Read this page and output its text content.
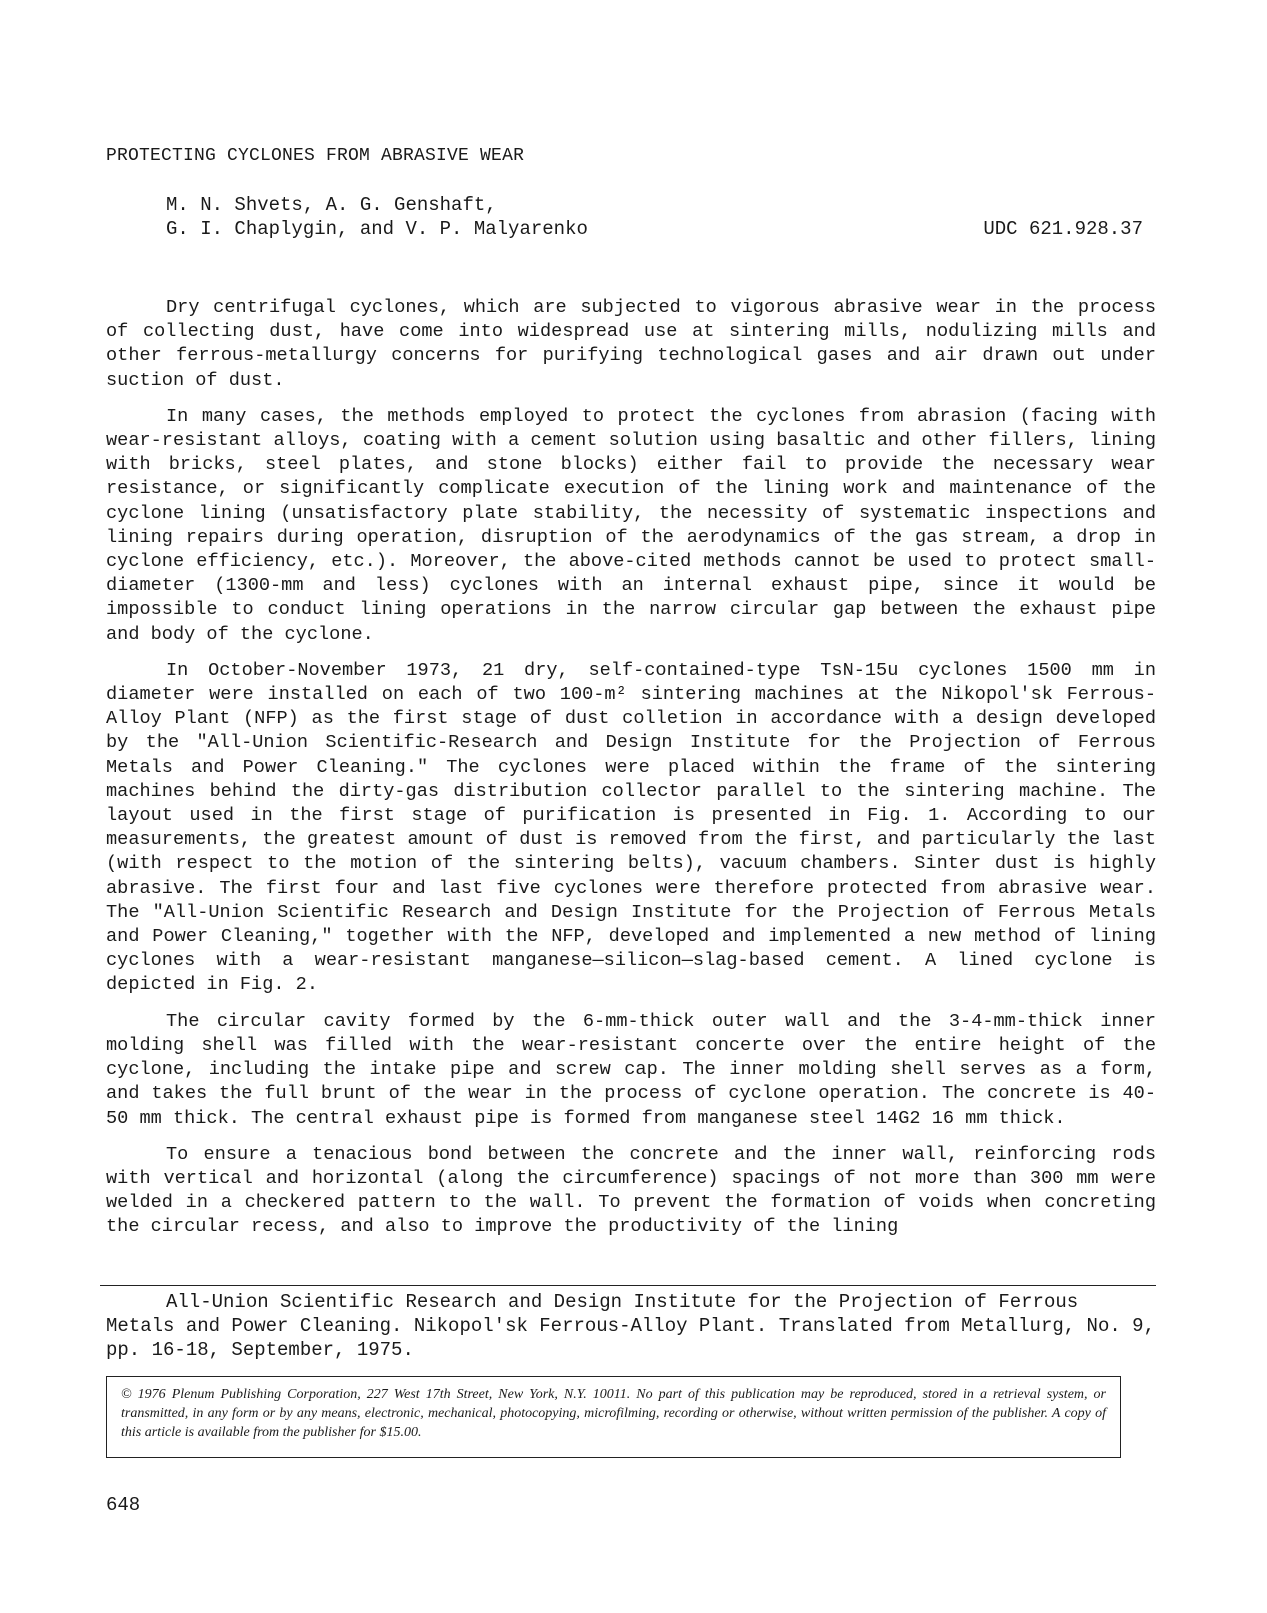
PROTECTING CYCLONES FROM ABRASIVE WEAR
M. N. Shvets, A. G. Genshaft,
G. I. Chaplygin, and V. P. Malyarenko	UDC 621.928.37

Dry centrifugal cyclones, which are subjected to vigorous abrasive wear in the process of collecting dust, have come into widespread use at sintering mills, nodulizing mills and other ferrous-metallurgy concerns for purifying technological gases and air drawn out under suction of dust.

In many cases, the methods employed to protect the cyclones from abrasion (facing with wear-resistant alloys, coating with a cement solution using basaltic and other fillers, lining with bricks, steel plates, and stone blocks) either fail to provide the necessary wear resistance, or significantly complicate execution of the lining work and maintenance of the cyclone lining (unsatisfactory plate stability, the necessity of systematic inspections and lining repairs during operation, disruption of the aerodynamics of the gas stream, a drop in cyclone efficiency, etc.). Moreover, the above-cited methods cannot be used to protect small-diameter (1300-mm and less) cyclones with an internal exhaust pipe, since it would be impossible to conduct lining operations in the narrow circular gap between the exhaust pipe and body of the cyclone.

In October-November 1973, 21 dry, self-contained-type TsN-15u cyclones 1500 mm in diameter were installed on each of two 100-m² sintering machines at the Nikopol'sk Ferrous-Alloy Plant (NFP) as the first stage of dust colletion in accordance with a design developed by the "All-Union Scientific-Research and Design Institute for the Projection of Ferrous Metals and Power Cleaning." The cyclones were placed within the frame of the sintering machines behind the dirty-gas distribution collector parallel to the sintering machine. The layout used in the first stage of purification is presented in Fig. 1. According to our measurements, the greatest amount of dust is removed from the first, and particularly the last (with respect to the motion of the sintering belts), vacuum chambers. Sinter dust is highly abrasive. The first four and last five cyclones were therefore protected from abrasive wear. The "All-Union Scientific Research and Design Institute for the Projection of Ferrous Metals and Power Cleaning," together with the NFP, developed and implemented a new method of lining cyclones with a wear-resistant manganese—silicon—slag-based cement. A lined cyclone is depicted in Fig. 2.

The circular cavity formed by the 6-mm-thick outer wall and the 3-4-mm-thick inner molding shell was filled with the wear-resistant concerte over the entire height of the cyclone, including the intake pipe and screw cap. The inner molding shell serves as a form, and takes the full brunt of the wear in the process of cyclone operation. The concrete is 40-50 mm thick. The central exhaust pipe is formed from manganese steel 14G2 16 mm thick.

To ensure a tenacious bond between the concrete and the inner wall, reinforcing rods with vertical and horizontal (along the circumference) spacings of not more than 300 mm were welded in a checkered pattern to the wall. To prevent the formation of voids when concreting the circular recess, and also to improve the productivity of the lining

All-Union Scientific Research and Design Institute for the Projection of Ferrous Metals and Power Cleaning. Nikopol'sk Ferrous-Alloy Plant. Translated from Metallurg, No. 9, pp. 16-18, September, 1975.

© 1976 Plenum Publishing Corporation, 227 West 17th Street, New York, N.Y. 10011. No part of this publication may be reproduced, stored in a retrieval system, or transmitted, in any form or by any means, electronic, mechanical, photocopying, microfilming, recording or otherwise, without written permission of the publisher. A copy of this article is available from the publisher for $15.00.

648
